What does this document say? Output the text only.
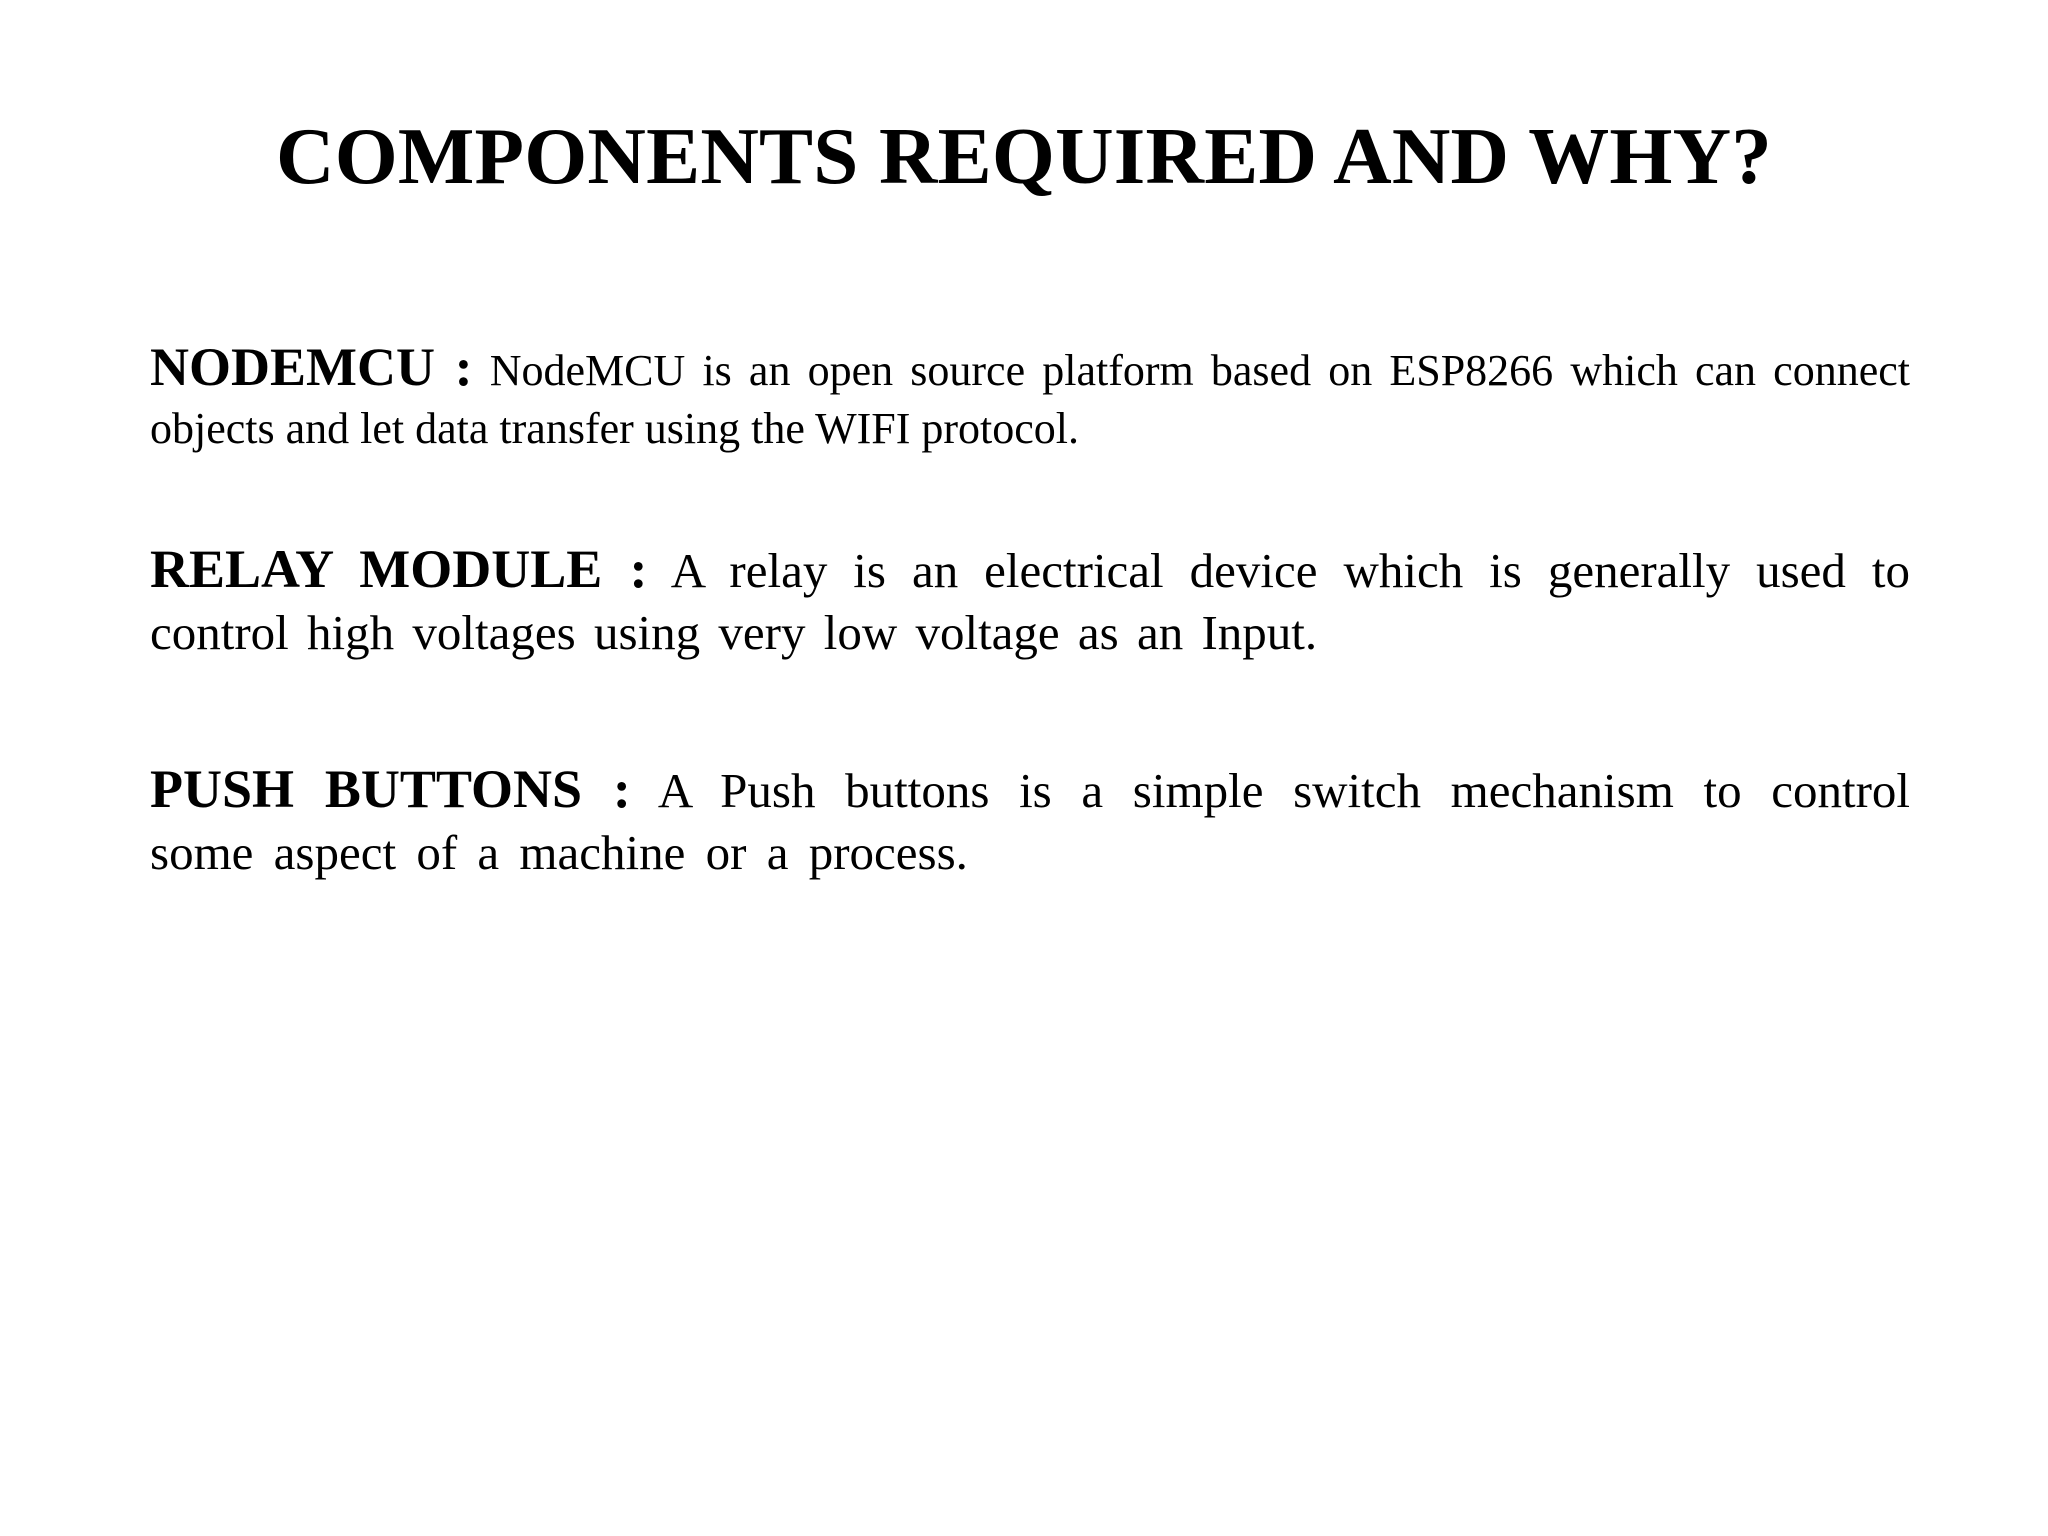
COMPONENTS REQUIRED AND WHY?

NODEMCU : NodeMCU is an open source platform based on ESP8266 which can connect objects and let data transfer using the WIFI protocol.

RELAY MODULE : A relay is an electrical device which is generally used to control high voltages using very low voltage as an Input.

PUSH BUTTONS : A Push buttons is a simple switch mechanism to control some aspect of a machine or a process.
